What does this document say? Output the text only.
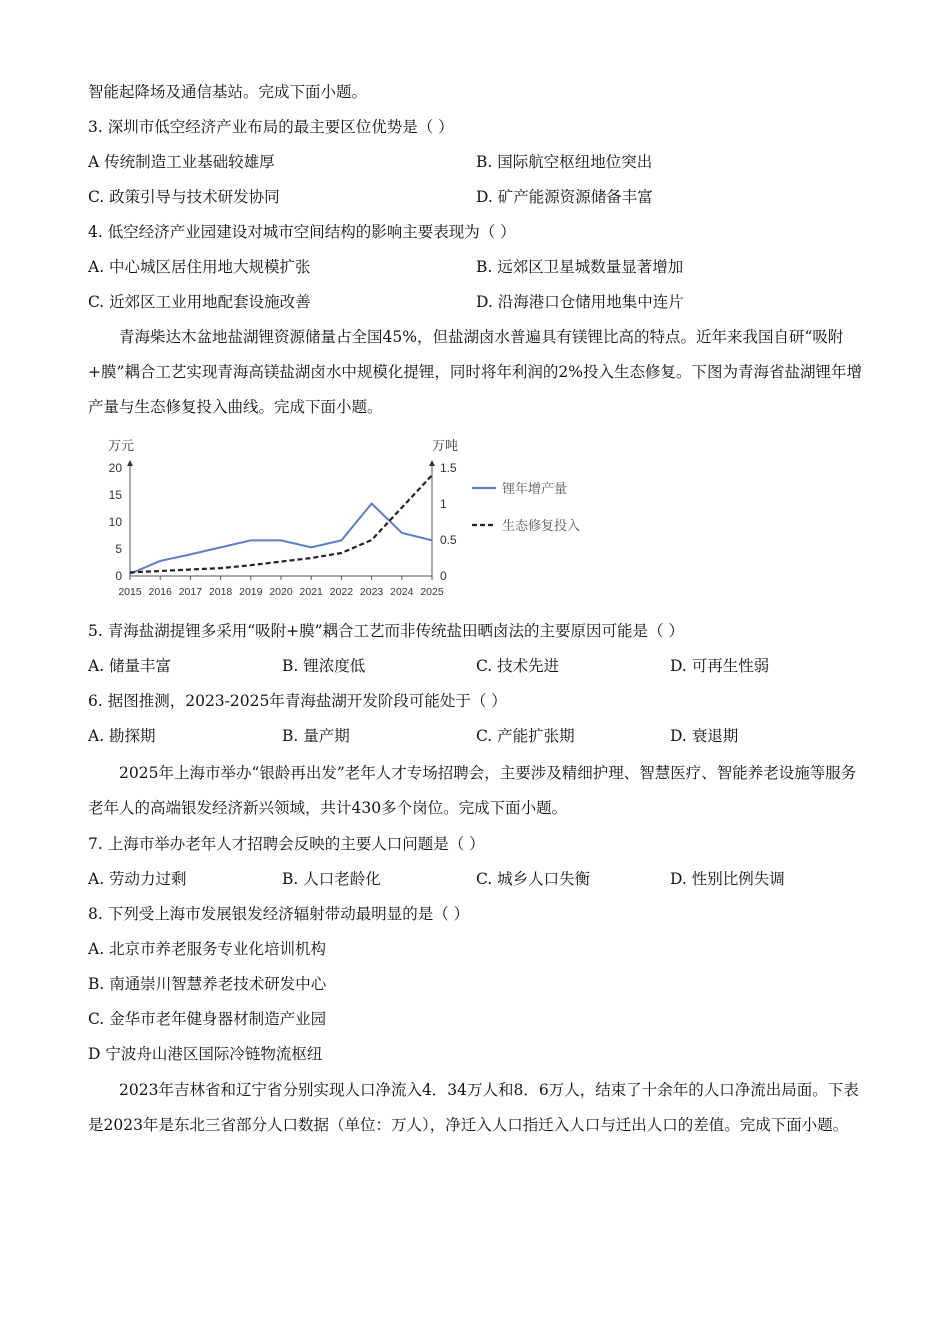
智能起降场及通信基站。完成下面小题。
3. 深圳市低空经济产业布局的最主要区位优势是（ ）
A 传统制造工业基础较雄厚	B. 国际航空枢纽地位突出
C. 政策引导与技术研发协同	D. 矿产能源资源储备丰富
4. 低空经济产业园建设对城市空间结构的影响主要表现为（ ）
A. 中心城区居住用地大规模扩张	B. 远郊区卫星城数量显著增加
C. 近郊区工业用地配套设施改善	D. 沿海港口仓储用地集中连片
青海柴达木盆地盐湖锂资源储量占全国45%，但盐湖卤水普遍具有镁锂比高的特点。近年来我国自研“吸附+膜”耦合工艺实现青海高镁盐湖卤水中规模化提锂，同时将年利润的2%投入生态修复。下图为青海省盐湖锂年增产量与生态修复投入曲线。完成下面小题。
万元	万吨
0
5
10
15
20
0
0.5
1
1.5
2015 2016 2017 2018 2019 2020 2021 2022 2023 2024 2025
锂年增产量
生态修复投入
5. 青海盐湖提锂多采用“吸附+膜”耦合工艺而非传统盐田晒卤法的主要原因可能是（ ）
A. 储量丰富	B. 锂浓度低	C. 技术先进	D. 可再生性弱
6. 据图推测，2023-2025年青海盐湖开发阶段可能处于（ ）
A. 勘探期	B. 量产期	C. 产能扩张期	D. 衰退期
2025年上海市举办“银龄再出发”老年人才专场招聘会，主要涉及精细护理、智慧医疗、智能养老设施等服务老年人的高端银发经济新兴领域，共计430多个岗位。完成下面小题。
7. 上海市举办老年人才招聘会反映的主要人口问题是（ ）
A. 劳动力过剩	B. 人口老龄化	C. 城乡人口失衡	D. 性别比例失调
8. 下列受上海市发展银发经济辐射带动最明显的是（ ）
A. 北京市养老服务专业化培训机构
B. 南通崇川智慧养老技术研发中心
C. 金华市老年健身器材制造产业园
D 宁波舟山港区国际冷链物流枢纽
2023年吉林省和辽宁省分别实现人口净流入4．34万人和8．6万人，结束了十余年的人口净流出局面。下表是2023年是东北三省部分人口数据（单位：万人），净迁入人口指迁入人口与迁出人口的差值。完成下面小题。
